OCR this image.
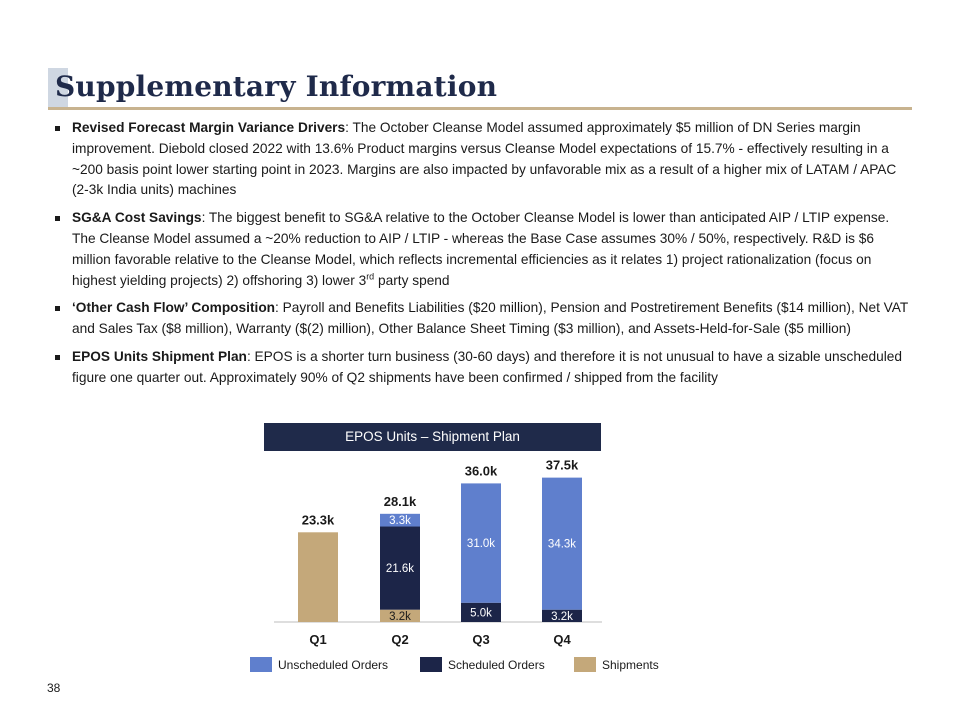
Supplementary Information
Revised Forecast Margin Variance Drivers: The October Cleanse Model assumed approximately $5 million of DN Series margin improvement. Diebold closed 2022 with 13.6% Product margins versus Cleanse Model expectations of 15.7% - effectively resulting in a ~200 basis point lower starting point in 2023. Margins are also impacted by unfavorable mix as a result of a higher mix of LATAM / APAC (2-3k India units) machines
SG&A Cost Savings: The biggest benefit to SG&A relative to the October Cleanse Model is lower than anticipated AIP / LTIP expense. The Cleanse Model assumed a ~20% reduction to AIP / LTIP - whereas the Base Case assumes 30% / 50%, respectively. R&D is $6 million favorable relative to the Cleanse Model, which reflects incremental efficiencies as it relates 1) project rationalization (focus on highest yielding projects) 2) offshoring 3) lower 3rd party spend
‘Other Cash Flow’ Composition: Payroll and Benefits Liabilities ($20 million), Pension and Postretirement Benefits ($14 million), Net VAT and Sales Tax ($8 million), Warranty ($(2) million), Other Balance Sheet Timing ($3 million), and Assets-Held-for-Sale ($5 million)
EPOS Units Shipment Plan: EPOS is a shorter turn business (30-60 days) and therefore it is not unusual to have a sizable unscheduled figure one quarter out. Approximately 90% of Q2 shipments have been confirmed / shipped from the facility
EPOS Units – Shipment Plan
23.3k
Q1
3.2k
21.6k
3.3k
28.1k
Q2
5.0k
31.0k
36.0k
Q3
3.2k
34.3k
37.5k
Q4
Unscheduled Orders	Scheduled Orders	Shipments
38
